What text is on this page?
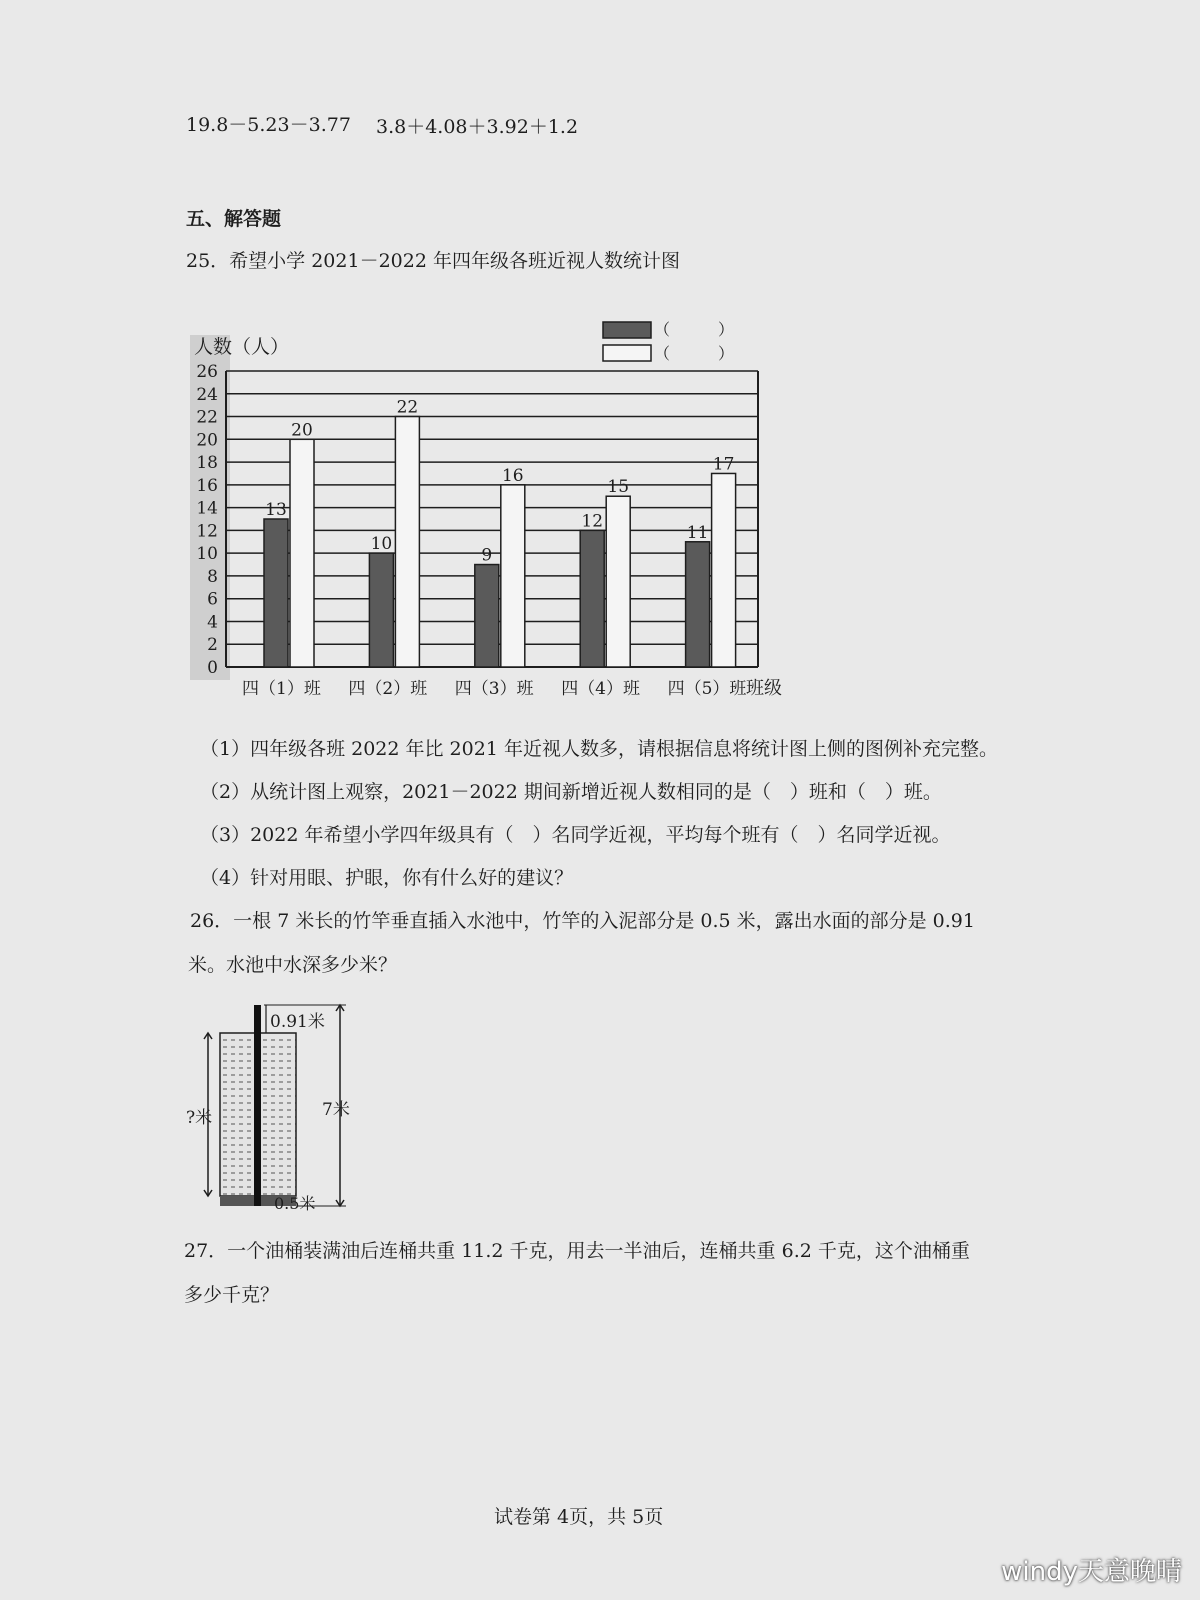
19.8－5.23－3.77 3.8＋4.08＋3.92＋1.2
五、解答题
25．希望小学 2021－2022 年四年级各班近视人数统计图
人数（人）
0
2
4
6
8
10
12
14
16
18
20
22
24
26
13
20
10
22
9
16
12
15
11
17
四（1）班 四（2）班 四（3）班 四（4）班 四（5）班 班级
（　　　）
（　　　）
（1）四年级各班 2022 年比 2021 年近视人数多，请根据信息将统计图上侧的图例补充完整。
（2）从统计图上观察，2021－2022 期间新增近视人数相同的是（　）班和（　）班。
（3）2022 年希望小学四年级具有（　）名同学近视，平均每个班有（　）名同学近视。
（4）针对用眼、护眼，你有什么好的建议？
26．一根 7 米长的竹竿垂直插入水池中，竹竿的入泥部分是 0.5 米，露出水面的部分是 0.91
米。水池中水深多少米？
0.91米
7米
?米
0.5米
27．一个油桶装满油后连桶共重 11.2 千克，用去一半油后，连桶共重 6.2 千克，这个油桶重
多少千克？
试卷第 4页，共 5页
windy天意晚晴
